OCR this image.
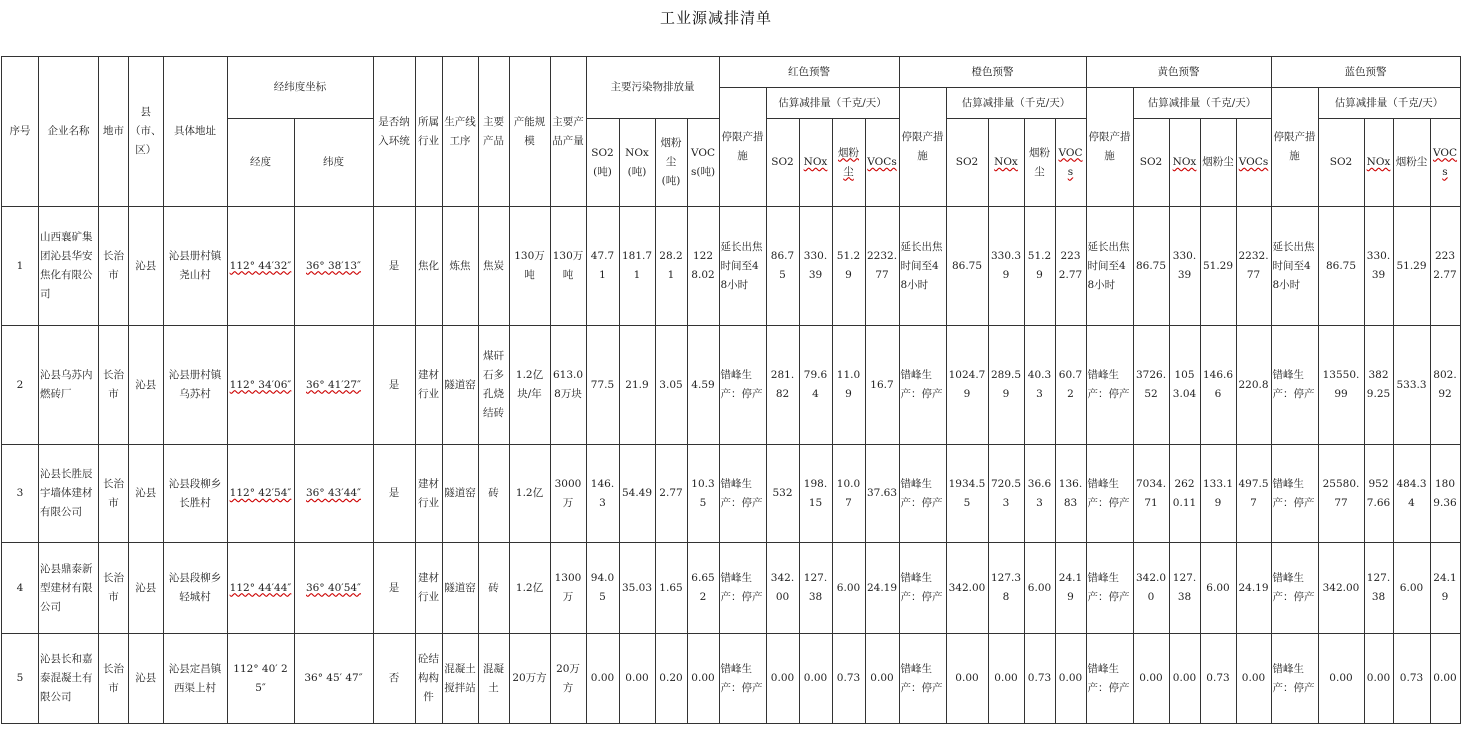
工业源减排清单
序号	企业名称	地市	县（市、区）	具体地址	经纬度坐标		是否纳入环统	所属行业	生产线工序	主要产品	产能规模	主要产品产量	主要污染物排放量				红色预警					橙色预警					黄色预警					蓝色预警				
																	停限产措施	估算减排量（千克/天）				停限产措施	估算减排量（千克/天）				停限产措施	估算减排量（千克/天）				停限产措施	估算减排量（千克/天）			
					经度	纬度							SO2(吨)	NOx(吨)	烟粉尘(吨)	VOCs(吨)		SO2	NOx	烟粉尘	VOCs		SO2	NOx	烟粉尘	VOCs		SO2	NOx	烟粉尘	VOCs		SO2	NOx	烟粉尘	VOCs
1	山西襄矿集团沁县华安焦化有限公司	长治市	沁县	沁县册村镇尧山村	112° 44′32″	36° 38′13″	是	焦化	炼焦	焦炭	130万吨	130万吨	47.71	181.71	28.21	1228.02	延长出焦时间至48小时	86.75	330.39	51.29	2232.77	延长出焦时间至48小时	86.75	330.39	51.29	2232.77	延长出焦时间至48小时	86.75	330.39	51.29	2232.77	延长出焦时间至48小时	86.75	330.39	51.29	2232.77
2	沁县乌苏内燃砖厂	长治市	沁县	沁县册村镇乌苏村	112° 34′06″	36° 41′27″	是	建材行业	隧道窑	煤矸石多孔烧结砖	1.2亿块/年	613.08万块	77.5	21.9	3.05	4.59	错峰生产：停产	281.82	79.64	11.09	16.7	错峰生产：停产	1024.79	289.59	40.33	60.72	错峰生产：停产	3726.52	1053.04	146.66	220.8	错峰生产：停产	13550.99	3829.25	533.3	802.92
3	沁县长胜辰宇墙体建材有限公司	长治市	沁县	沁县段柳乡长胜村	112° 42′54″	36° 43′44″	是	建材行业	隧道窑	砖	1.2亿	3000万	146.3	54.49	2.77	10.35	错峰生产：停产	532	198.15	10.07	37.63	错峰生产：停产	1934.55	720.53	36.63	136.83	错峰生产：停产	7034.71	2620.11	133.19	497.57	错峰生产：停产	25580.77	9527.66	484.34	1809.36
4	沁县鼎泰新型建材有限公司	长治市	沁县	沁县段柳乡轻城村	112° 44′44″	36° 40′54″	是	建材行业	隧道窑	砖	1.2亿	1300万	94.05	35.03	1.65	6.652	错峰生产：停产	342.00	127.38	6.00	24.19	错峰生产：停产	342.00	127.38	6.00	24.19	错峰生产：停产	342.00	127.38	6.00	24.19	错峰生产：停产	342.00	127.38	6.00	24.19
5	沁县长和嘉泰混凝土有限公司	长治市	沁县	沁县定昌镇西渠上村	112° 40′ 25″	36° 45′ 47″	否	砼结构构件	混凝土搅拌站	混凝土	20万方	20万方	0.00	0.00	0.20	0.00	错峰生产：停产	0.00	0.00	0.73	0.00	错峰生产：停产	0.00	0.00	0.73	0.00	错峰生产：停产	0.00	0.00	0.73	0.00	错峰生产：停产	0.00	0.00	0.73	0.00
